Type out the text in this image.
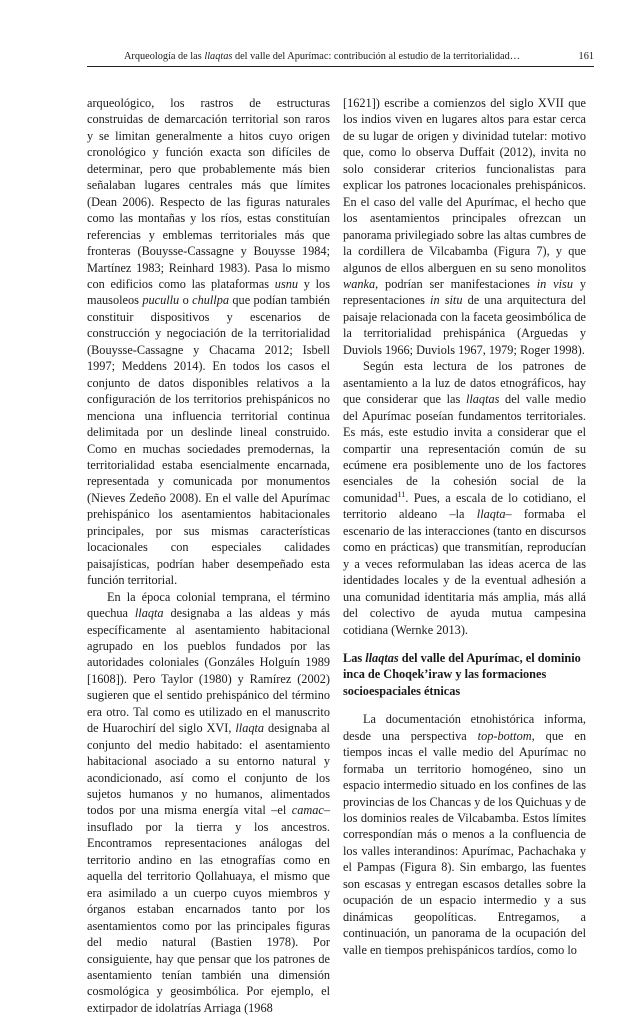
Arqueología de las llaqtas del valle del Apurímac: contribución al estudio de la territorialidad…	161

arqueológico, los rastros de estructuras construidas de demarcación territorial son raros y se limitan generalmente a hitos cuyo origen cronológico y función exacta son difíciles de determinar, pero que probablemente más bien señalaban lugares centrales más que límites (Dean 2006). Respecto de las figuras naturales como las montañas y los ríos, estas constituían referencias y emblemas territoriales más que fronteras (Bouysse-Cassagne y Bouysse 1984; Martínez 1983; Reinhard 1983). Pasa lo mismo con edificios como las plataformas usnu y los mausoleos pucullu o chullpa que podían también constituir dispositivos y escenarios de construcción y negociación de la territorialidad (Bouysse-Cassagne y Chacama 2012; Isbell 1997; Meddens 2014). En todos los casos el conjunto de datos disponibles relativos a la configuración de los territorios prehispánicos no menciona una influencia territorial continua delimitada por un deslinde lineal construido. Como en muchas sociedades premodernas, la territorialidad estaba esencialmente encarnada, representada y comunicada por monumentos (Nieves Zedeño 2008). En el valle del Apurímac prehispánico los asentamientos habitacionales principales, por sus mismas características locacionales con especiales calidades paisajísticas, podrían haber desempeñado esta función territorial.

En la época colonial temprana, el término quechua llaqta designaba a las aldeas y más específicamente al asentamiento habitacional agrupado en los pueblos fundados por las autoridades coloniales (Gonzáles Holguín 1989 [1608]). Pero Taylor (1980) y Ramírez (2002) sugieren que el sentido prehispánico del término era otro. Tal como es utilizado en el manuscrito de Huarochirí del siglo XVI, llaqta designaba al conjunto del medio habitado: el asentamiento habitacional asociado a su entorno natural y acondicionado, así como el conjunto de los sujetos humanos y no humanos, alimentados todos por una misma energía vital –el camac– insuflado por la tierra y los ancestros. Encontramos representaciones análogas del territorio andino en las etnografías como en aquella del territorio Qollahuaya, el mismo que era asimilado a un cuerpo cuyos miembros y órganos estaban encarnados tanto por los asentamientos como por las principales figuras del medio natural (Bastien 1978). Por consiguiente, hay que pensar que los patrones de asentamiento tenían también una dimensión cosmológica y geosimbólica. Por ejemplo, el extirpador de idolatrías Arriaga (1968

[1621]) escribe a comienzos del siglo XVII que los indios viven en lugares altos para estar cerca de su lugar de origen y divinidad tutelar: motivo que, como lo observa Duffait (2012), invita no solo considerar criterios funcionalistas para explicar los patrones locacionales prehispánicos. En el caso del valle del Apurímac, el hecho que los asentamientos principales ofrezcan un panorama privilegiado sobre las altas cumbres de la cordillera de Vilcabamba (Figura 7), y que algunos de ellos alberguen en su seno monolitos wanka, podrían ser manifestaciones in visu y representaciones in situ de una arquitectura del paisaje relacionada con la faceta geosimbólica de la territorialidad prehispánica (Arguedas y Duviols 1966; Duviols 1967, 1979; Roger 1998).

Según esta lectura de los patrones de asentamiento a la luz de datos etnográficos, hay que considerar que las llaqtas del valle medio del Apurímac poseían fundamentos territoriales. Es más, este estudio invita a considerar que el compartir una representación común de su ecúmene era posiblemente uno de los factores esenciales de la cohesión social de la comunidad$^{11}$. Pues, a escala de lo cotidiano, el territorio aldeano –la llaqta– formaba el escenario de las interacciones (tanto en discursos como en prácticas) que transmitían, reproducían y a veces reformulaban las ideas acerca de las identidades locales y de la eventual adhesión a una comunidad identitaria más amplia, más allá del colectivo de ayuda mutua campesina cotidiana (Wernke 2013).

Las llaqtas del valle del Apurímac, el dominio inca de Choqek’iraw y las formaciones socioespaciales étnicas

La documentación etnohistórica informa, desde una perspectiva top-bottom, que en tiempos incas el valle medio del Apurímac no formaba un territorio homogéneo, sino un espacio intermedio situado en los confines de las provincias de los Chancas y de los Quichuas y de los dominios reales de Vilcabamba. Estos límites correspondían más o menos a la confluencia de los valles interandinos: Apurímac, Pachachaka y el Pampas (Figura 8). Sin embargo, las fuentes son escasas y entregan escasos detalles sobre la ocupación de un espacio intermedio y a sus dinámicas geopolíticas. Entregamos, a continuación, un panorama de la ocupación del valle en tiempos prehispánicos tardíos, como lo
